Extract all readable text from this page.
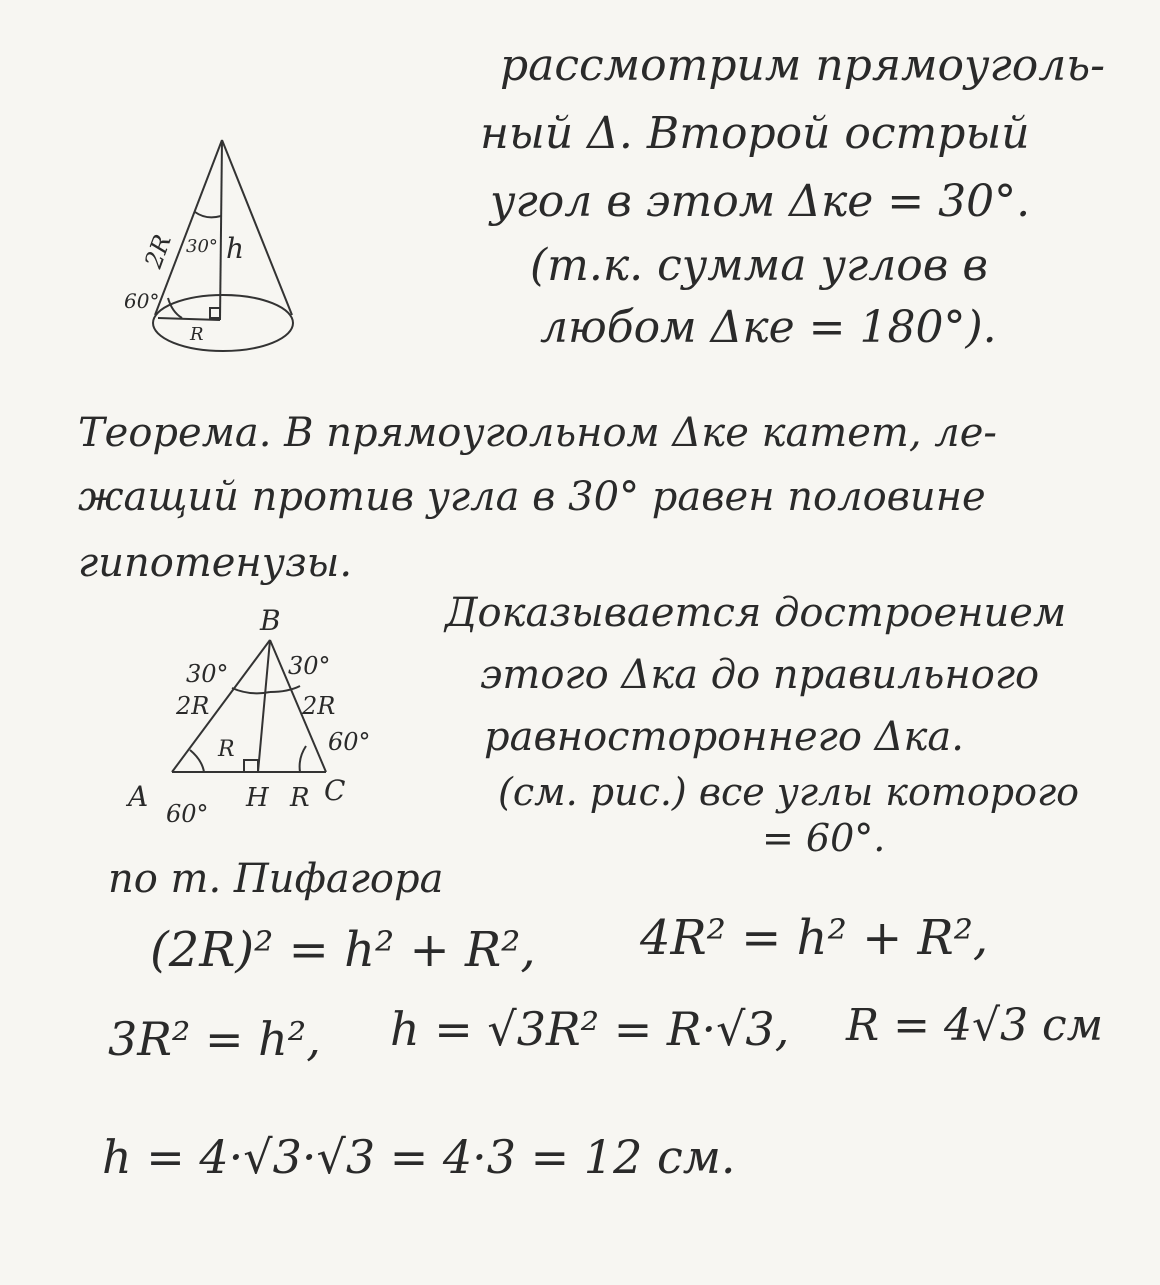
рассмотрим прямоуголь-
ный Δ. Второй острый
угол в этом Δке = 30°.
(т.к. сумма углов в
любом Δке = 180°).
2R 30° h
60°
R
Теорема. В прямоугольном Δке катет, ле-
жащий против угла в 30° равен половине
гипотенузы.
B
A	C
H
30° 30°
2R	2R
60°
60°
R
R
Доказывается достроением
этого Δка до правильного
равностороннего Δка.
(см. рис.) все углы которого
= 60°.
по т. Пифагора
(2R)² = h² + R², 4R² = h² + R²,
3R² = h², h = √3R² = R·√3, R = 4√3 см
h = 4·√3·√3 = 4·3 = 12 см.
